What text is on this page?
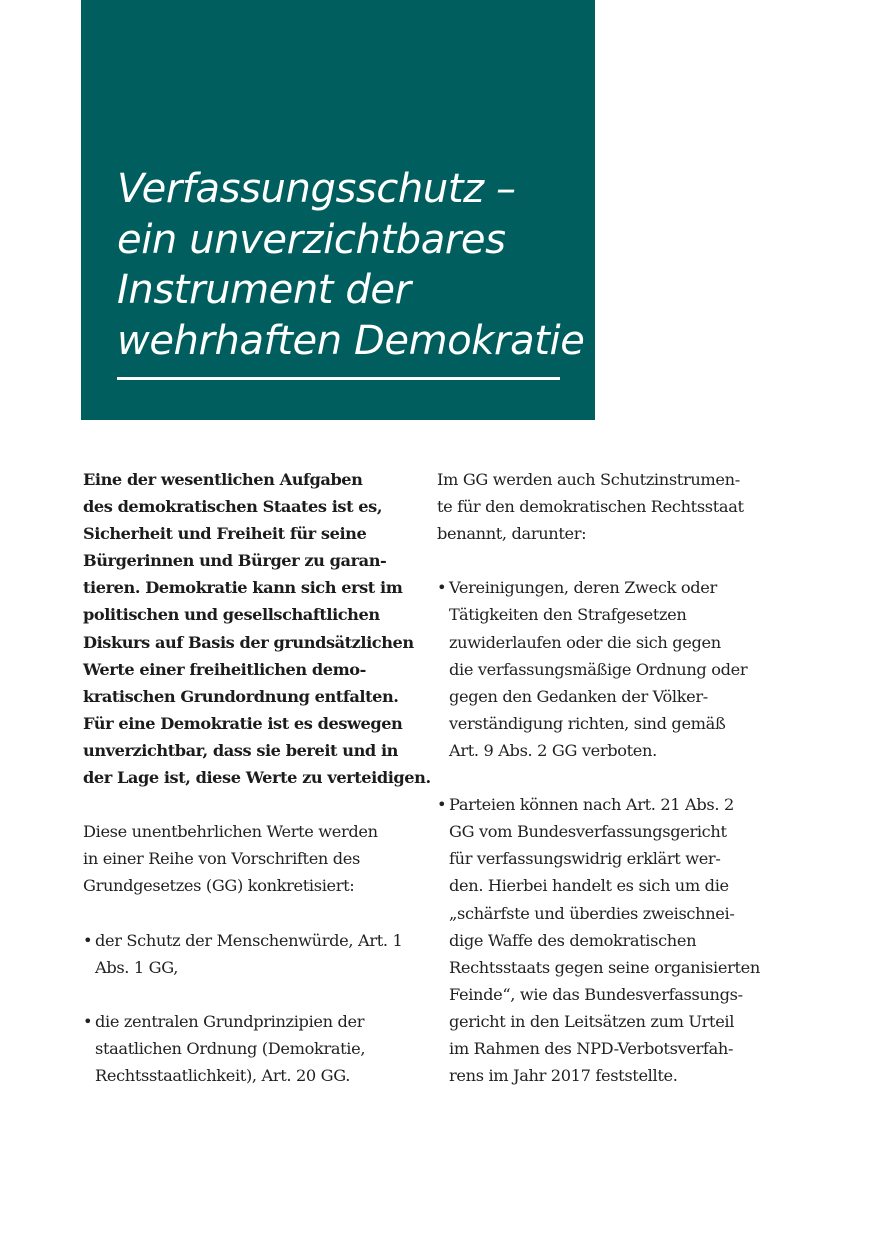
Verfassungsschutz –
ein unverzichtbares
Instrument der
wehrhaften Demokratie
Eine der wesentlichen Aufgaben
des demokratischen Staates ist es,
Sicherheit und Freiheit für seine
Bürgerinnen und Bürger zu garan-
tieren. Demokratie kann sich erst im
politischen und gesellschaftlichen
Diskurs auf Basis der grundsätzlichen
Werte einer freiheitlichen demo-
kratischen Grundordnung entfalten.
Für eine Demokratie ist es deswegen
unverzichtbar, dass sie bereit und in
der Lage ist, diese Werte zu verteidigen.
Diese unentbehrlichen Werte werden
in einer Reihe von Vorschriften des
Grundgesetzes (GG) konkretisiert:
• der Schutz der Menschenwürde, Art. 1
Abs. 1 GG,
• die zentralen Grundprinzipien der
staatlichen Ordnung (Demokratie,
Rechtsstaatlichkeit), Art. 20 GG.
Im GG werden auch Schutzinstrumen-
te für den demokratischen Rechtsstaat
benannt, darunter:
• Vereinigungen, deren Zweck oder
Tätigkeiten den Strafgesetzen
zuwiderlaufen oder die sich gegen
die verfassungsmäßige Ordnung oder
gegen den Gedanken der Völker-
verständigung richten, sind gemäß
Art. 9 Abs. 2 GG verboten.
• Parteien können nach Art. 21 Abs. 2
GG vom Bundesverfassungsgericht
für verfassungswidrig erklärt wer-
den. Hierbei handelt es sich um die
„schärfste und überdies zweischnei-
dige Waffe des demokratischen
Rechtsstaats gegen seine organisierten
Feinde“, wie das Bundesverfassungs-
gericht in den Leitsätzen zum Urteil
im Rahmen des NPD-Verbotsverfah-
rens im Jahr 2017 feststellte.
